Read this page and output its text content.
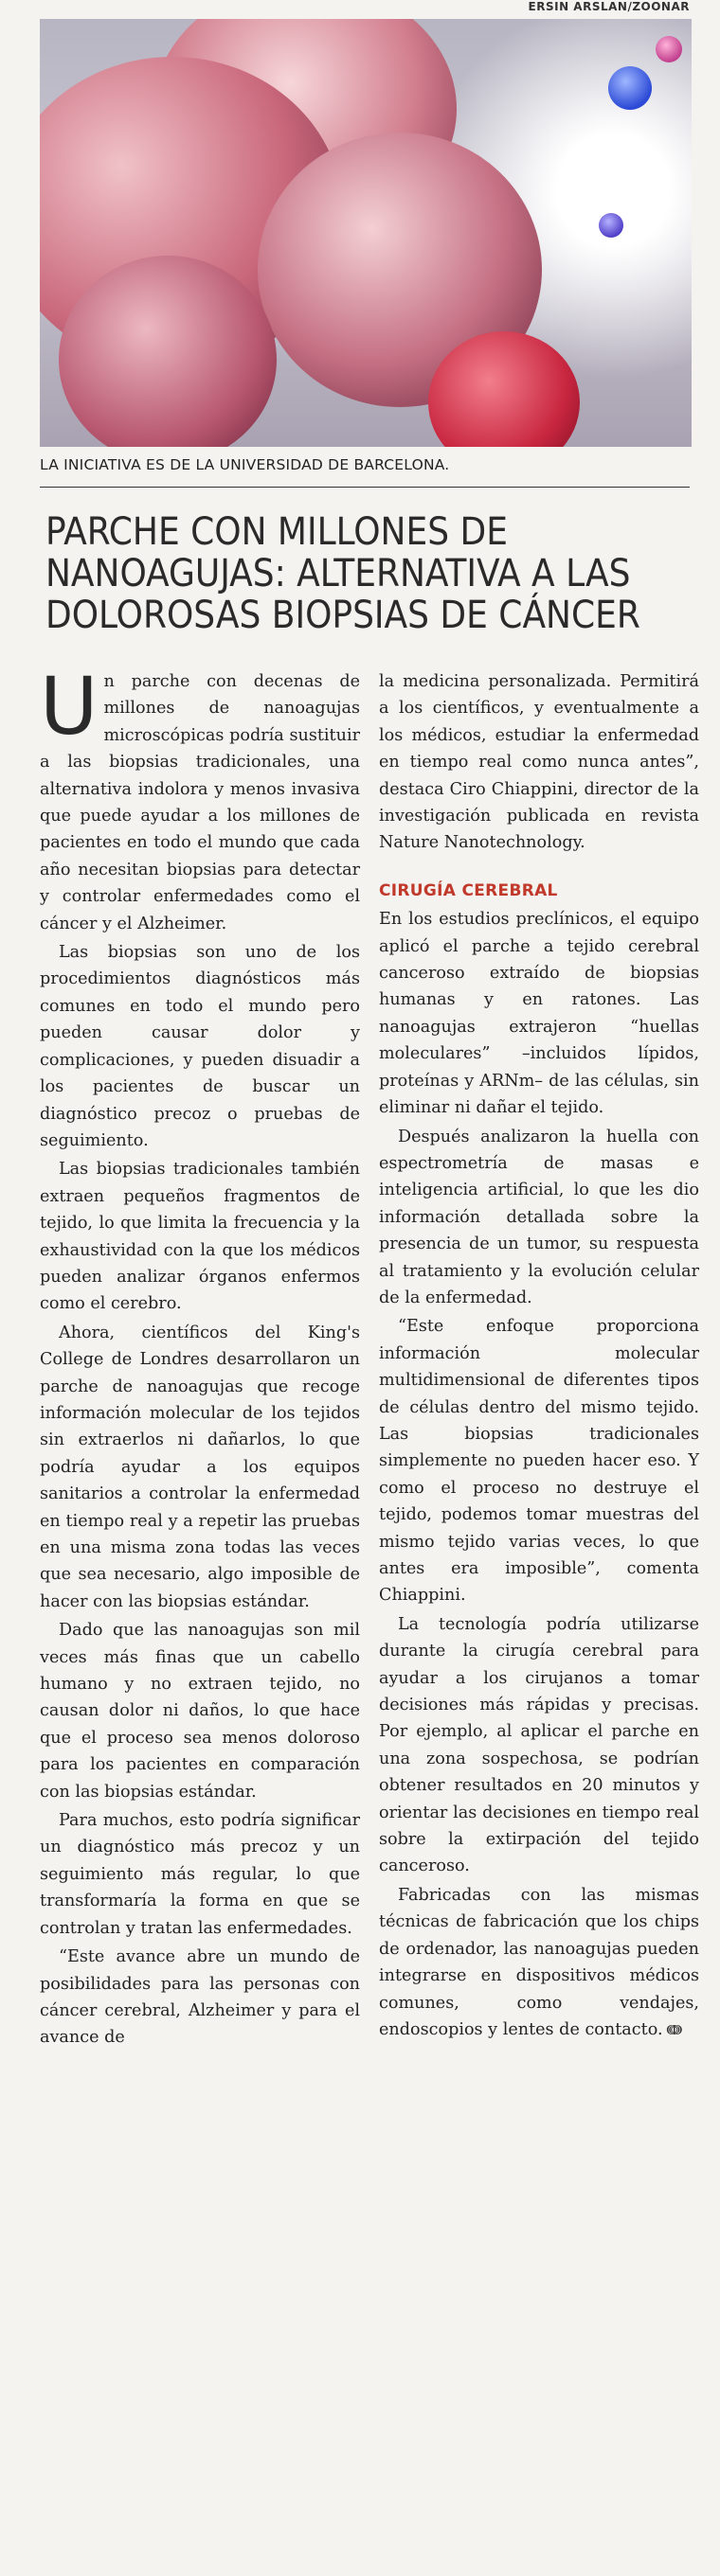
ERSIN ARSLAN/ZOONAR
LA INICIATIVA ES DE LA UNIVERSIDAD DE BARCELONA.
PARCHE CON MILLONES DE NANOAGUJAS: ALTERNATIVA A LAS DOLOROSAS BIOPSIAS DE CÁNCER

Un parche con decenas de millones de nanoagujas microscópicas podría sustituir a las biopsias tradicionales, una alternativa indolora y menos invasiva que puede ayudar a los millones de pacientes en todo el mundo que cada año necesitan biopsias para detectar y controlar enfermedades como el cáncer y el Alzheimer.

Las biopsias son uno de los procedimientos diagnósticos más comunes en todo el mundo pero pueden causar dolor y complicaciones, y pueden disuadir a los pacientes de buscar un diagnóstico precoz o pruebas de seguimiento.

Las biopsias tradicionales también extraen pequeños fragmentos de tejido, lo que limita la frecuencia y la exhaustividad con la que los médicos pueden analizar órganos enfermos como el cerebro.

Ahora, científicos del King's College de Londres desarrollaron un parche de nanoagujas que recoge información molecular de los tejidos sin extraerlos ni dañarlos, lo que podría ayudar a los equipos sanitarios a controlar la enfermedad en tiempo real y a repetir las pruebas en una misma zona todas las veces que sea necesario, algo imposible de hacer con las biopsias estándar.

Dado que las nanoagujas son mil veces más finas que un cabello humano y no extraen tejido, no causan dolor ni daños, lo que hace que el proceso sea menos doloroso para los pacientes en comparación con las biopsias estándar.

Para muchos, esto podría significar un diagnóstico más precoz y un seguimiento más regular, lo que transformaría la forma en que se controlan y tratan las enfermedades.

“Este avance abre un mundo de posibilidades para las personas con cáncer cerebral, Alzheimer y para el avance de

la medicina personalizada. Permitirá a los científicos, y eventualmente a los médicos, estudiar la enfermedad en tiempo real como nunca antes”, destaca Ciro Chiappini, director de la investigación publicada en revista Nature Nanotechnology.

CIRUGÍA CEREBRAL

En los estudios preclínicos, el equipo aplicó el parche a tejido cerebral canceroso extraído de biopsias humanas y en ratones. Las nanoagujas extrajeron “huellas moleculares” –incluidos lípidos, proteínas y ARNm– de las células, sin eliminar ni dañar el tejido.

Después analizaron la huella con espectrometría de masas e inteligencia artificial, lo que les dio información detallada sobre la presencia de un tumor, su respuesta al tratamiento y la evolución celular de la enfermedad.

“Este enfoque proporciona información molecular multidimensional de diferentes tipos de células dentro del mismo tejido. Las biopsias tradicionales simplemente no pueden hacer eso. Y como el proceso no destruye el tejido, podemos tomar muestras del mismo tejido varias veces, lo que antes era imposible”, comenta Chiappini.

La tecnología podría utilizarse durante la cirugía cerebral para ayudar a los cirujanos a tomar decisiones más rápidas y precisas. Por ejemplo, al aplicar el parche en una zona sospechosa, se podrían obtener resultados en 20 minutos y orientar las decisiones en tiempo real sobre la extirpación del tejido canceroso.

Fabricadas con las mismas técnicas de fabricación que los chips de ordenador, las nanoagujas pueden integrarse en dispositivos médicos comunes, como vendajes, endoscopios y lentes de contacto. ↈ
